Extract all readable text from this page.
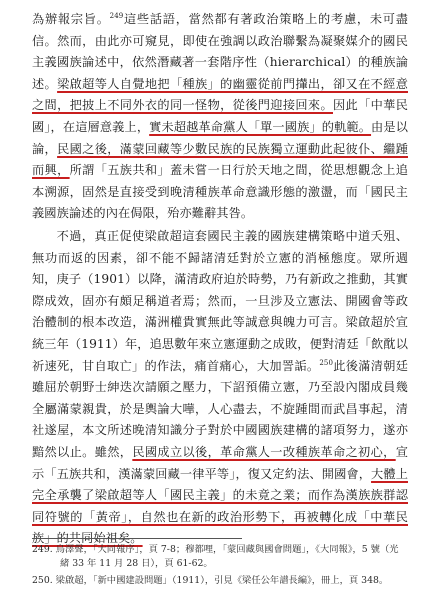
為辦報宗旨。$^{249}$這些話語，當然都有著政治策略上的考慮，未可盡信。然而，由此亦可窺見，即使在強調以政治聯繫為凝聚媒介的國民主義國族論述中，依然潛藏著一套階序性（hierarchical）的種族論述。梁啟超等人自覺地把「種族」的幽靈從前門攆出，卻又在不經意之間，把披上不同外衣的同一怪物，從後門迎接回來。因此「中華民國」，在這層意義上，實未超越革命黨人「單一國族」的軌範。由是以論，民國之後，滿蒙回藏等少數民族的民族獨立運動此起彼仆、繼踵而興，所謂「五族共和」蓋未嘗一日行於天地之間，從思想觀念上追本溯源，固然是直接受到晚清種族革命意識形態的激盪，而「國民主義國族論述的內在侷限，殆亦難辭其咎。

不過，真正促使梁啟超這套國民主義的國族建構策略中道夭殂、無功而返的因素，卻不能不歸諸清廷對於立憲的消極態度。眾所週知，庚子（1901）以降，滿清政府迫於時勢，乃有新政之推動，其實際成效，固亦有頗足稱道者焉；然而，一旦涉及立憲法、開國會等政治體制的根本改造，滿洲權貴實無此等誠意與魄力可言。梁啟超於宣統三年（1911）年，追思數年來立憲運動之成敗，便對清廷「飲酖以祈速死，甘自取亡」的作法，痛首痛心，大加詈詬。$^{250}$此後滿清朝廷雖屈於朝野士紳迭次請願之壓力，下詔預備立憲，乃至設內閣成員幾全屬滿蒙親貴，於是輿論大嘩，人心盡去，不旋踵間而武昌事起，清社遂屋，本文所述晚清知識分子對於中國國族建構的諸項努力，遂亦黯然以止。雖然，民國成立以後，革命黨人一改種族革命之初心，宣示「五族共和，漢滿蒙回藏一律平等」，復又定約法、開國會，大體上完全承襲了梁啟超等人「國民主義」的未竟之業；而作為漢族族群認同符號的「黃帝」，自然也在新的政治形勢下，再被轉化成「中華民族」的共同始祖矣。

249. 烏澤聲，「大同報序」，頁 7-8；穆都哩，「蒙回藏與國會問題」，《大同報》，5 號（光
緒 33 年 11 月 28 日），頁 61-62。

250. 梁啟超，「新中國建設問題」（1911），引見《梁任公年譜長編》，冊上，頁 348。
